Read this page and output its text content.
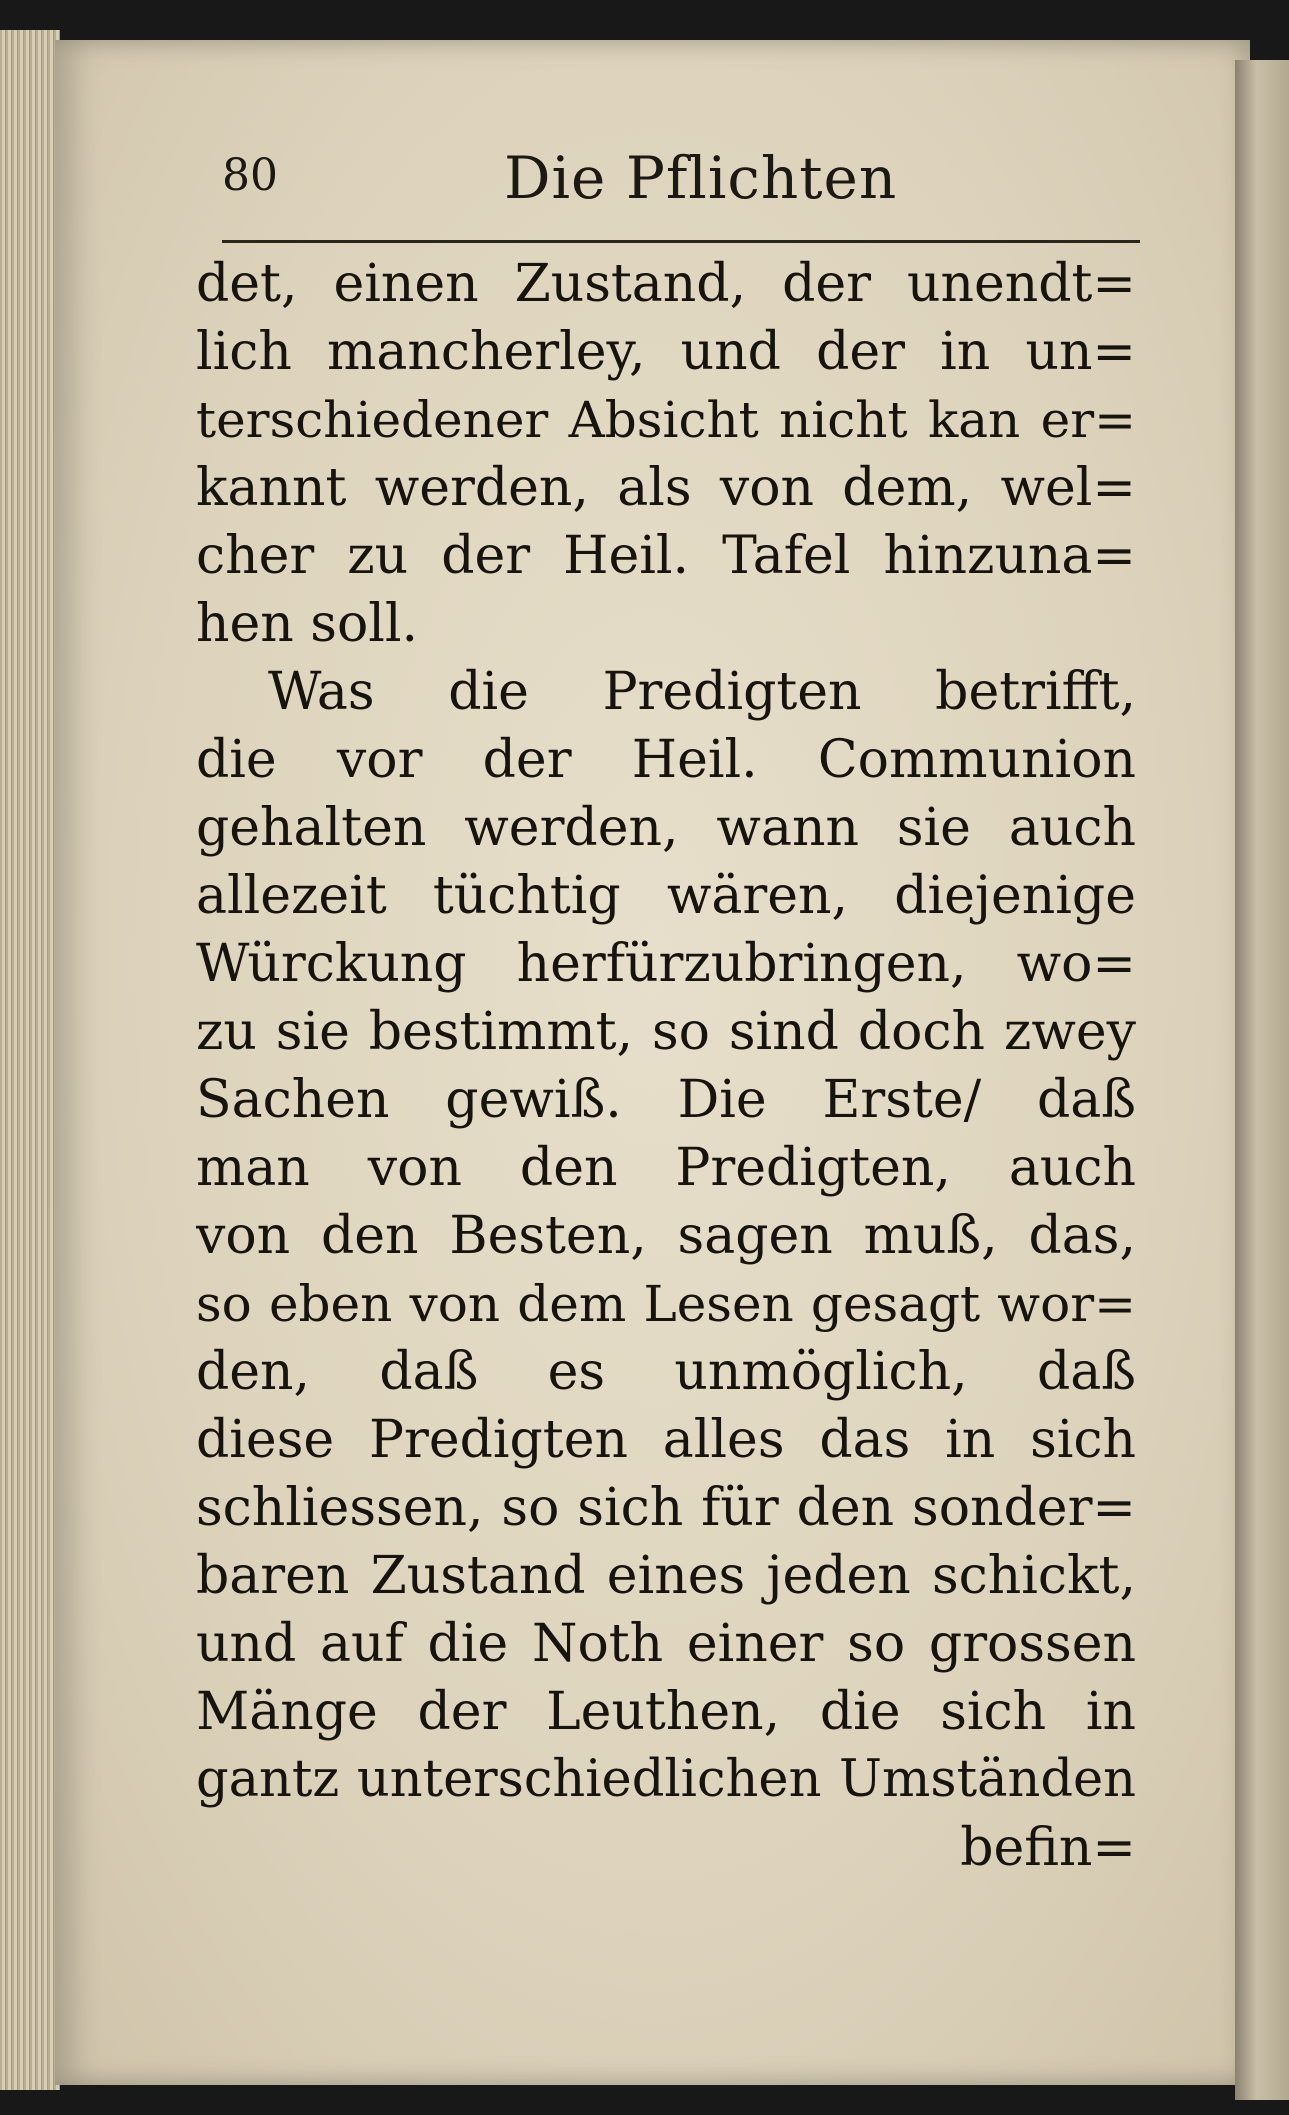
80	Die Pflichten
det, einen Zustand, der unendt=
lich mancherley, und der in un=
terschiedener Absicht nicht kan er=
kannt werden, als von dem, wel=
cher zu der Heil. Tafel hinzuna=
hen soll.
Was die Predigten betrifft,
die vor der Heil. Communion
gehalten werden, wann sie auch
allezeit tüchtig wären, diejenige
Würckung herfürzubringen, wo=
zu sie bestimmt, so sind doch zwey
Sachen gewiß. Die Erste/ daß
man von den Predigten, auch
von den Besten, sagen muß, das,
so eben von dem Lesen gesagt wor=
den, daß es unmöglich, daß
diese Predigten alles das in sich
schliessen, so sich für den sonder=
baren Zustand eines jeden schickt,
und auf die Noth einer so grossen
Mänge der Leuthen, die sich in
gantz unterschiedlichen Umständen
befin=
